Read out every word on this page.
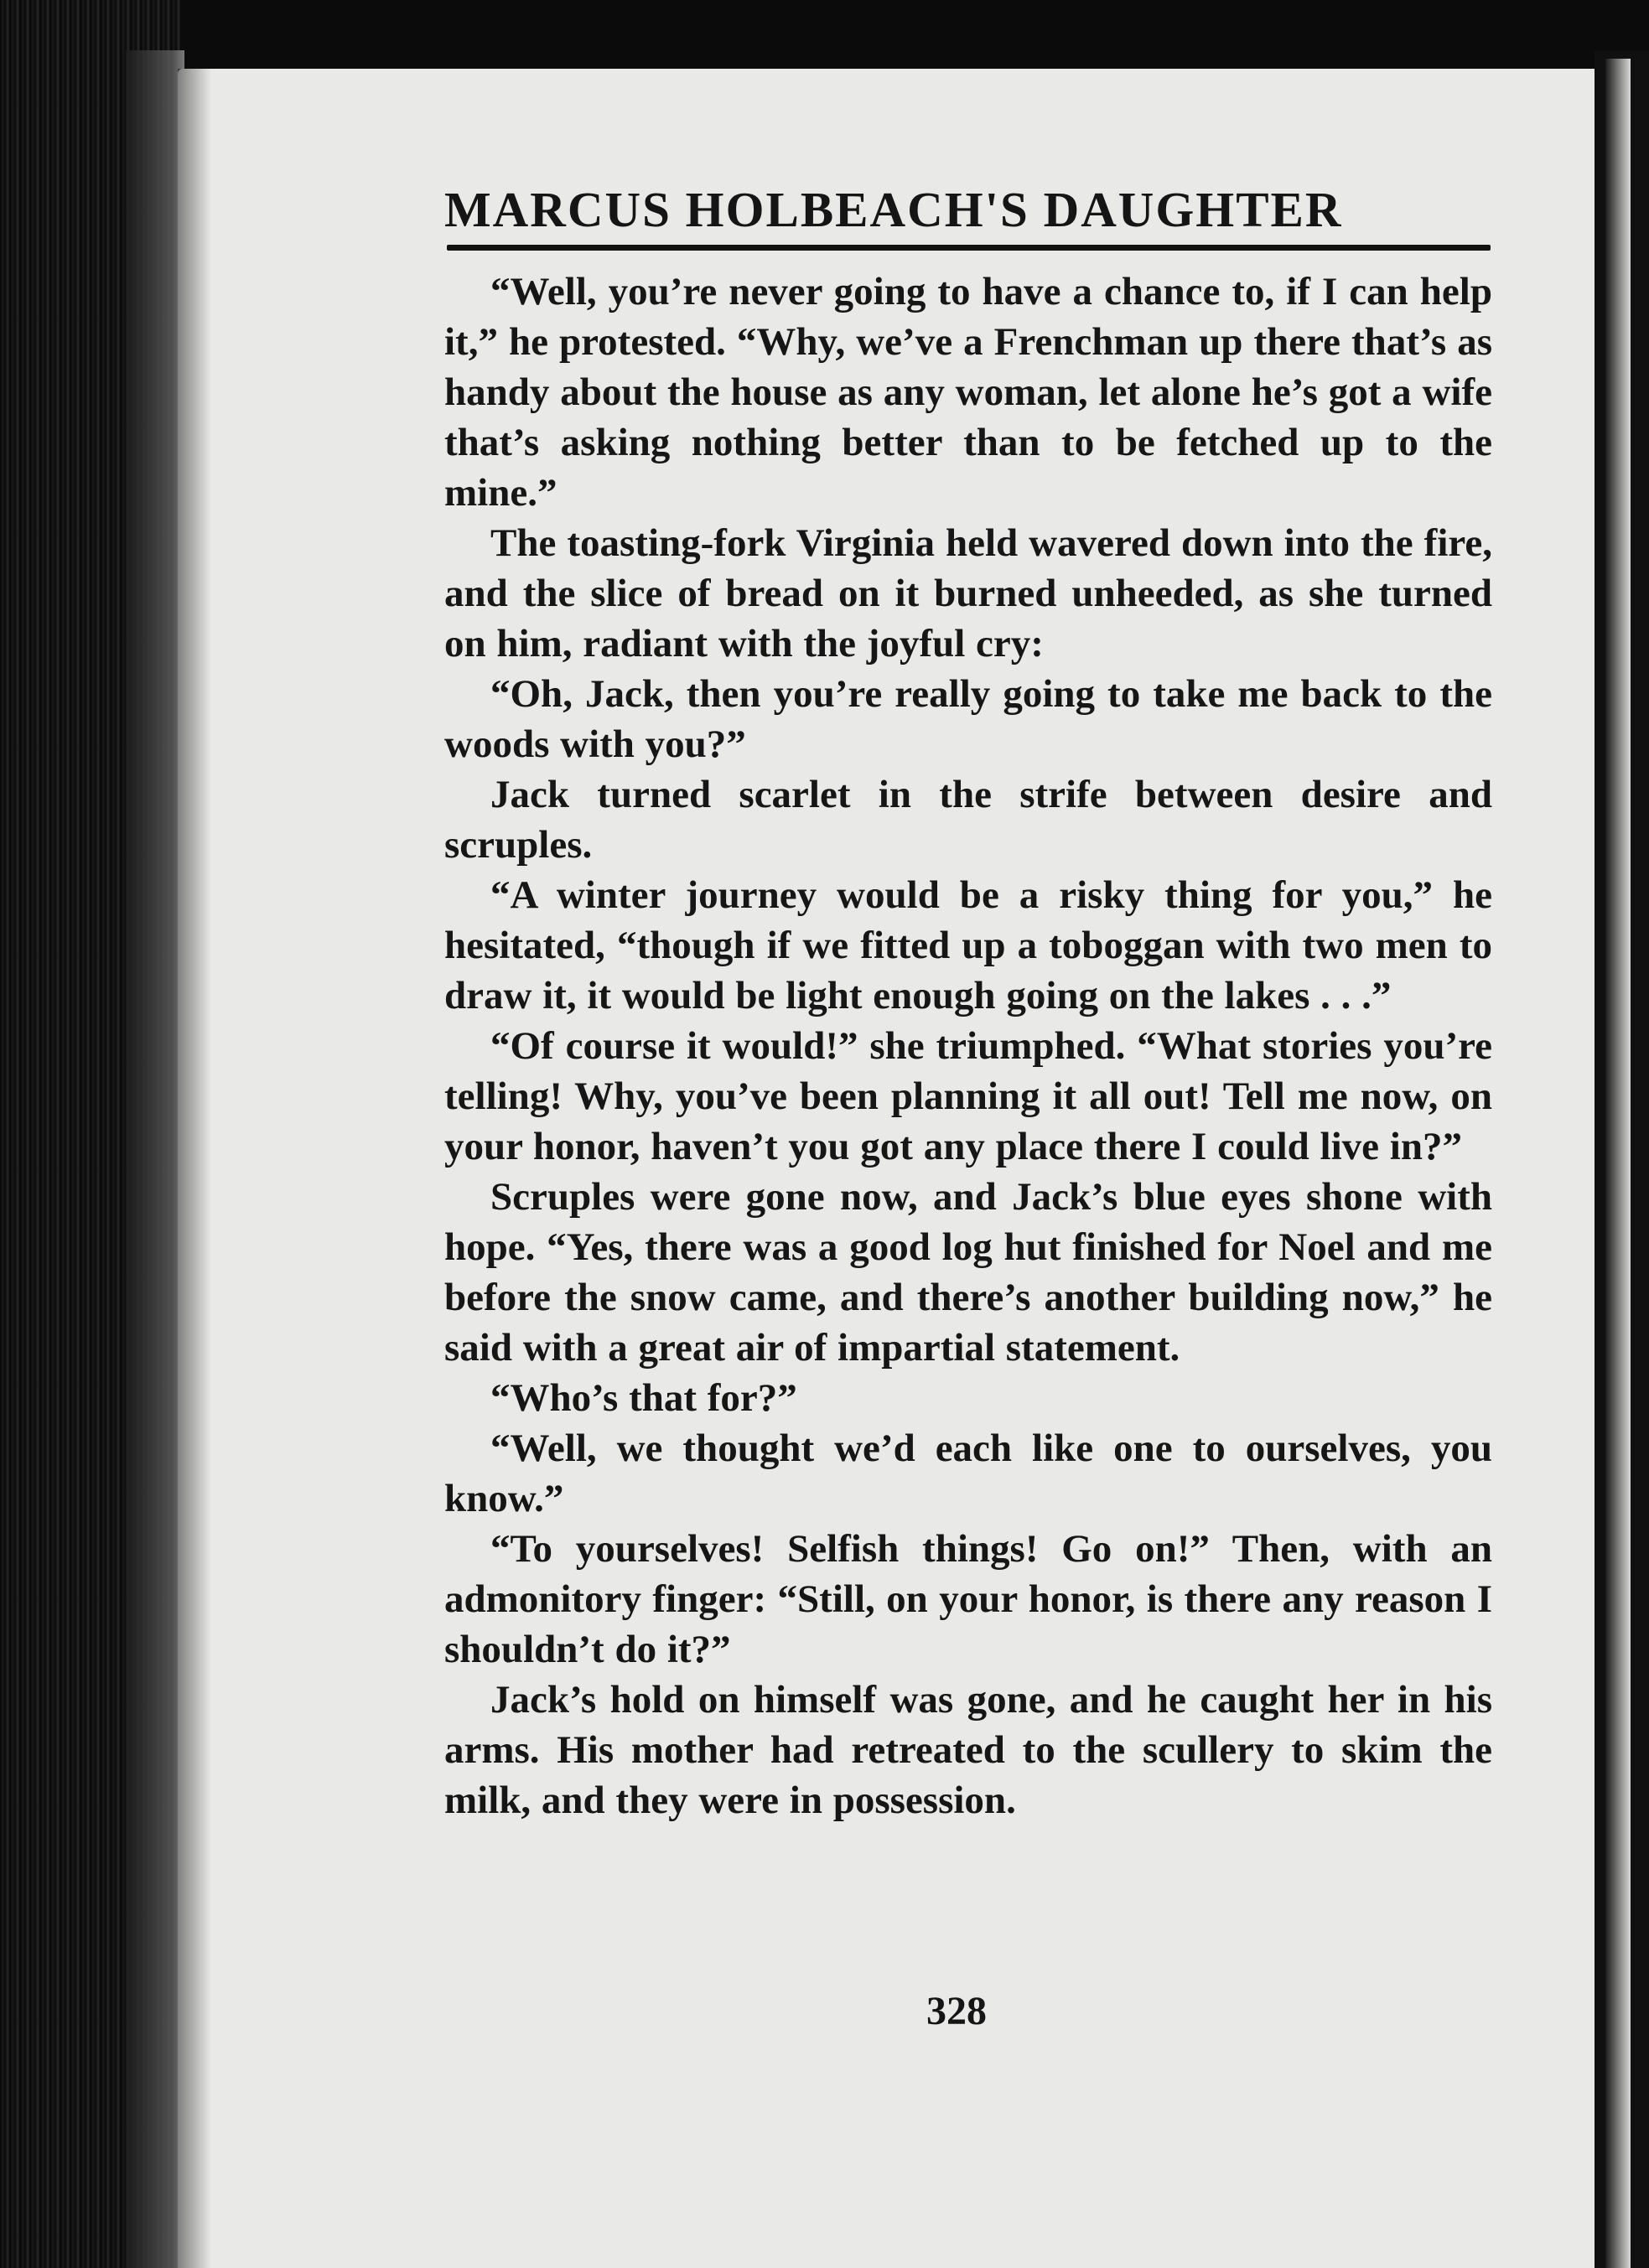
MARCUS HOLBEACH'S DAUGHTER

“Well, you’re never going to have a chance to, if I can help it,” he protested. “Why, we’ve a Frenchman up there that’s as handy about the house as any woman, let alone he’s got a wife that’s asking nothing better than to be fetched up to the mine.”

The toasting-fork Virginia held wavered down into the fire, and the slice of bread on it burned unheeded, as she turned on him, radiant with the joyful cry:

“Oh, Jack, then you’re really going to take me back to the woods with you?”

Jack turned scarlet in the strife between desire and scruples.

“A winter journey would be a risky thing for you,” he hesitated, “though if we fitted up a toboggan with two men to draw it, it would be light enough going on the lakes . . .”

“Of course it would!” she triumphed. “What stories you’re telling! Why, you’ve been planning it all out! Tell me now, on your honor, haven’t you got any place there I could live in?”

Scruples were gone now, and Jack’s blue eyes shone with hope. “Yes, there was a good log hut finished for Noel and me before the snow came, and there’s another building now,” he said with a great air of impartial statement.

“Who’s that for?”

“Well, we thought we’d each like one to ourselves, you know.”

“To yourselves! Selfish things! Go on!” Then, with an admonitory finger: “Still, on your honor, is there any reason I shouldn’t do it?”

Jack’s hold on himself was gone, and he caught her in his arms. His mother had retreated to the scullery to skim the milk, and they were in possession.

328
